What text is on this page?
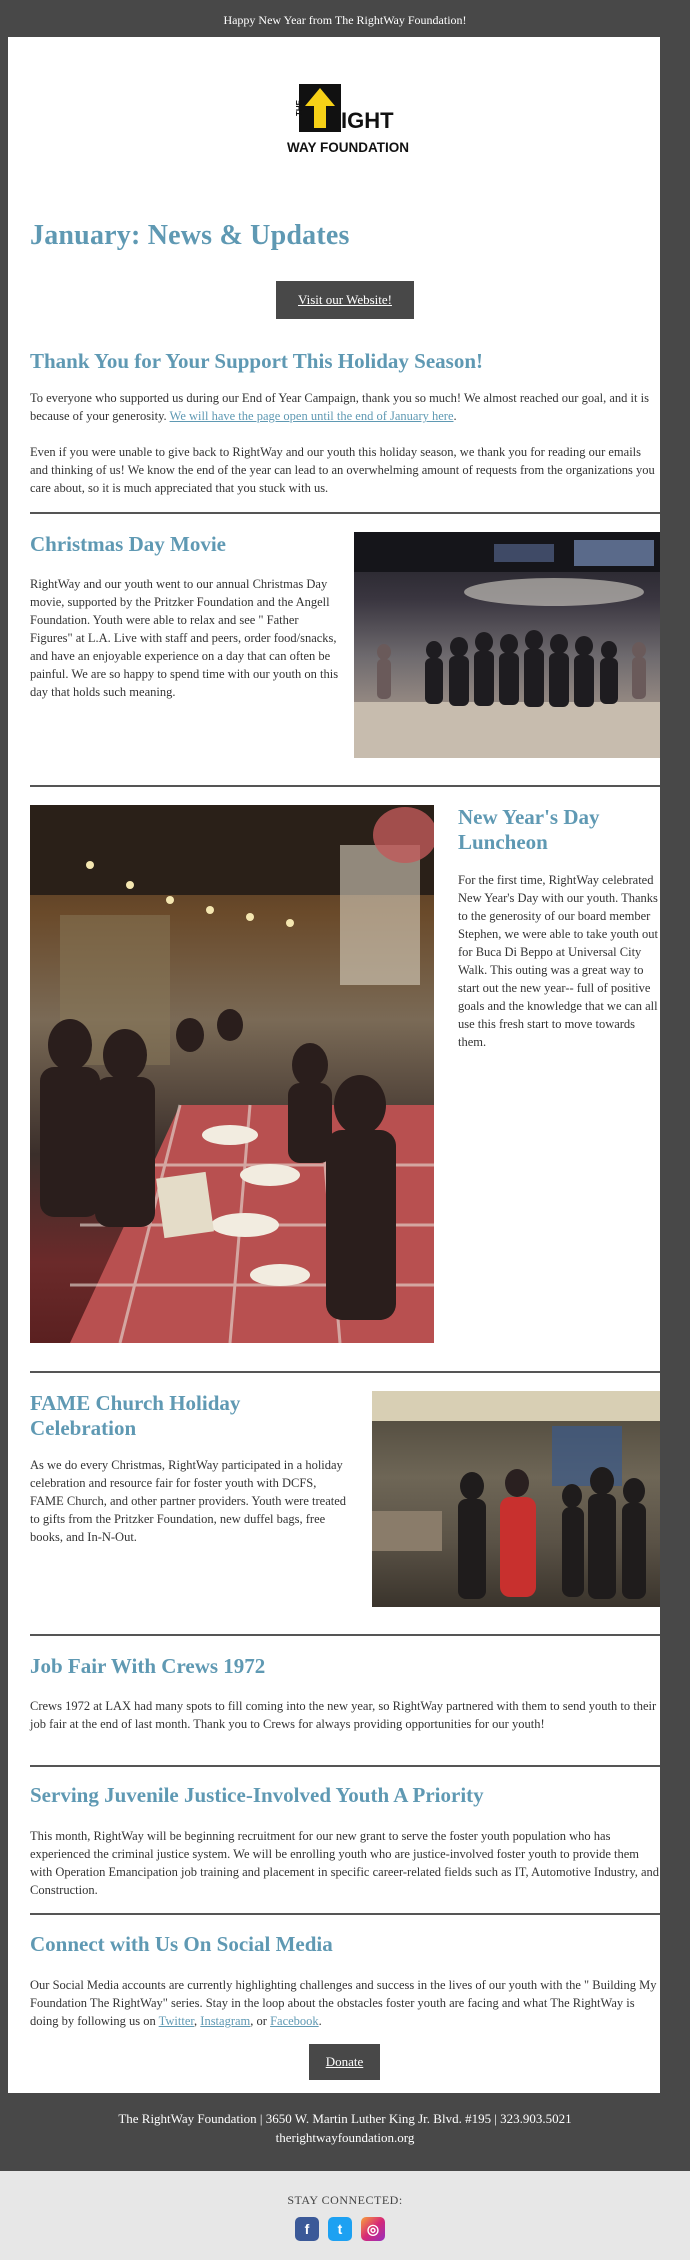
Happy New Year from The RightWay Foundation!
THE IGHT
WAY FOUNDATION
January: News & Updates
Visit our Website!
Thank You for Your Support This Holiday Season!

To everyone who supported us during our End of Year Campaign, thank you so much! We almost reached our goal, and it is because of your generosity. We will have the page open until the end of January here.

Even if you were unable to give back to RightWay and our youth this holiday season, we thank you for reading our emails and thinking of us! We know the end of the year can lead to an overwhelming amount of requests from the organizations you care about, so it is much appreciated that you stuck with us.

Christmas Day Movie

RightWay and our youth went to our annual Christmas Day movie, supported by the Pritzker Foundation and the Angell Foundation. Youth were able to relax and see " Father Figures" at L.A. Live with staff and peers, order food/snacks, and have an enjoyable experience on a day that can often be painful. We are so happy to spend time with our youth on this day that holds such meaning.

New Year's Day Luncheon

For the first time, RightWay celebrated New Year's Day with our youth. Thanks to the generosity of our board member Stephen, we were able to take youth out for Buca Di Beppo at Universal City Walk. This outing was a great way to start out the new year-- full of positive goals and the knowledge that we can all use this fresh start to move towards them.

FAME Church Holiday Celebration

As we do every Christmas, RightWay participated in a holiday celebration and resource fair for foster youth with DCFS, FAME Church, and other partner providers. Youth were treated to gifts from the Pritzker Foundation, new duffel bags, free books, and In-N-Out.

Job Fair With Crews 1972

Crews 1972 at LAX had many spots to fill coming into the new year, so RightWay partnered with them to send youth to their job fair at the end of last month. Thank you to Crews for always providing opportunities for our youth!

Serving Juvenile Justice-Involved Youth A Priority

This month, RightWay will be beginning recruitment for our new grant to serve the foster youth population who has experienced the criminal justice system. We will be enrolling youth who are justice-involved foster youth to provide them with Operation Emancipation job training and placement in specific career-related fields such as IT, Automotive Industry, and Construction.

Connect with Us On Social Media

Our Social Media accounts are currently highlighting challenges and success in the lives of our youth with the " Building My Foundation The RightWay" series. Stay in the loop about the obstacles foster youth are facing and what The RightWay is doing by following us on Twitter, Instagram, or Facebook.

Donate
The RightWay Foundation | 3650 W. Martin Luther King Jr. Blvd. #195 | 323.903.5021
therightwayfoundation.org
STAY CONNECTED:
f	t	◎
